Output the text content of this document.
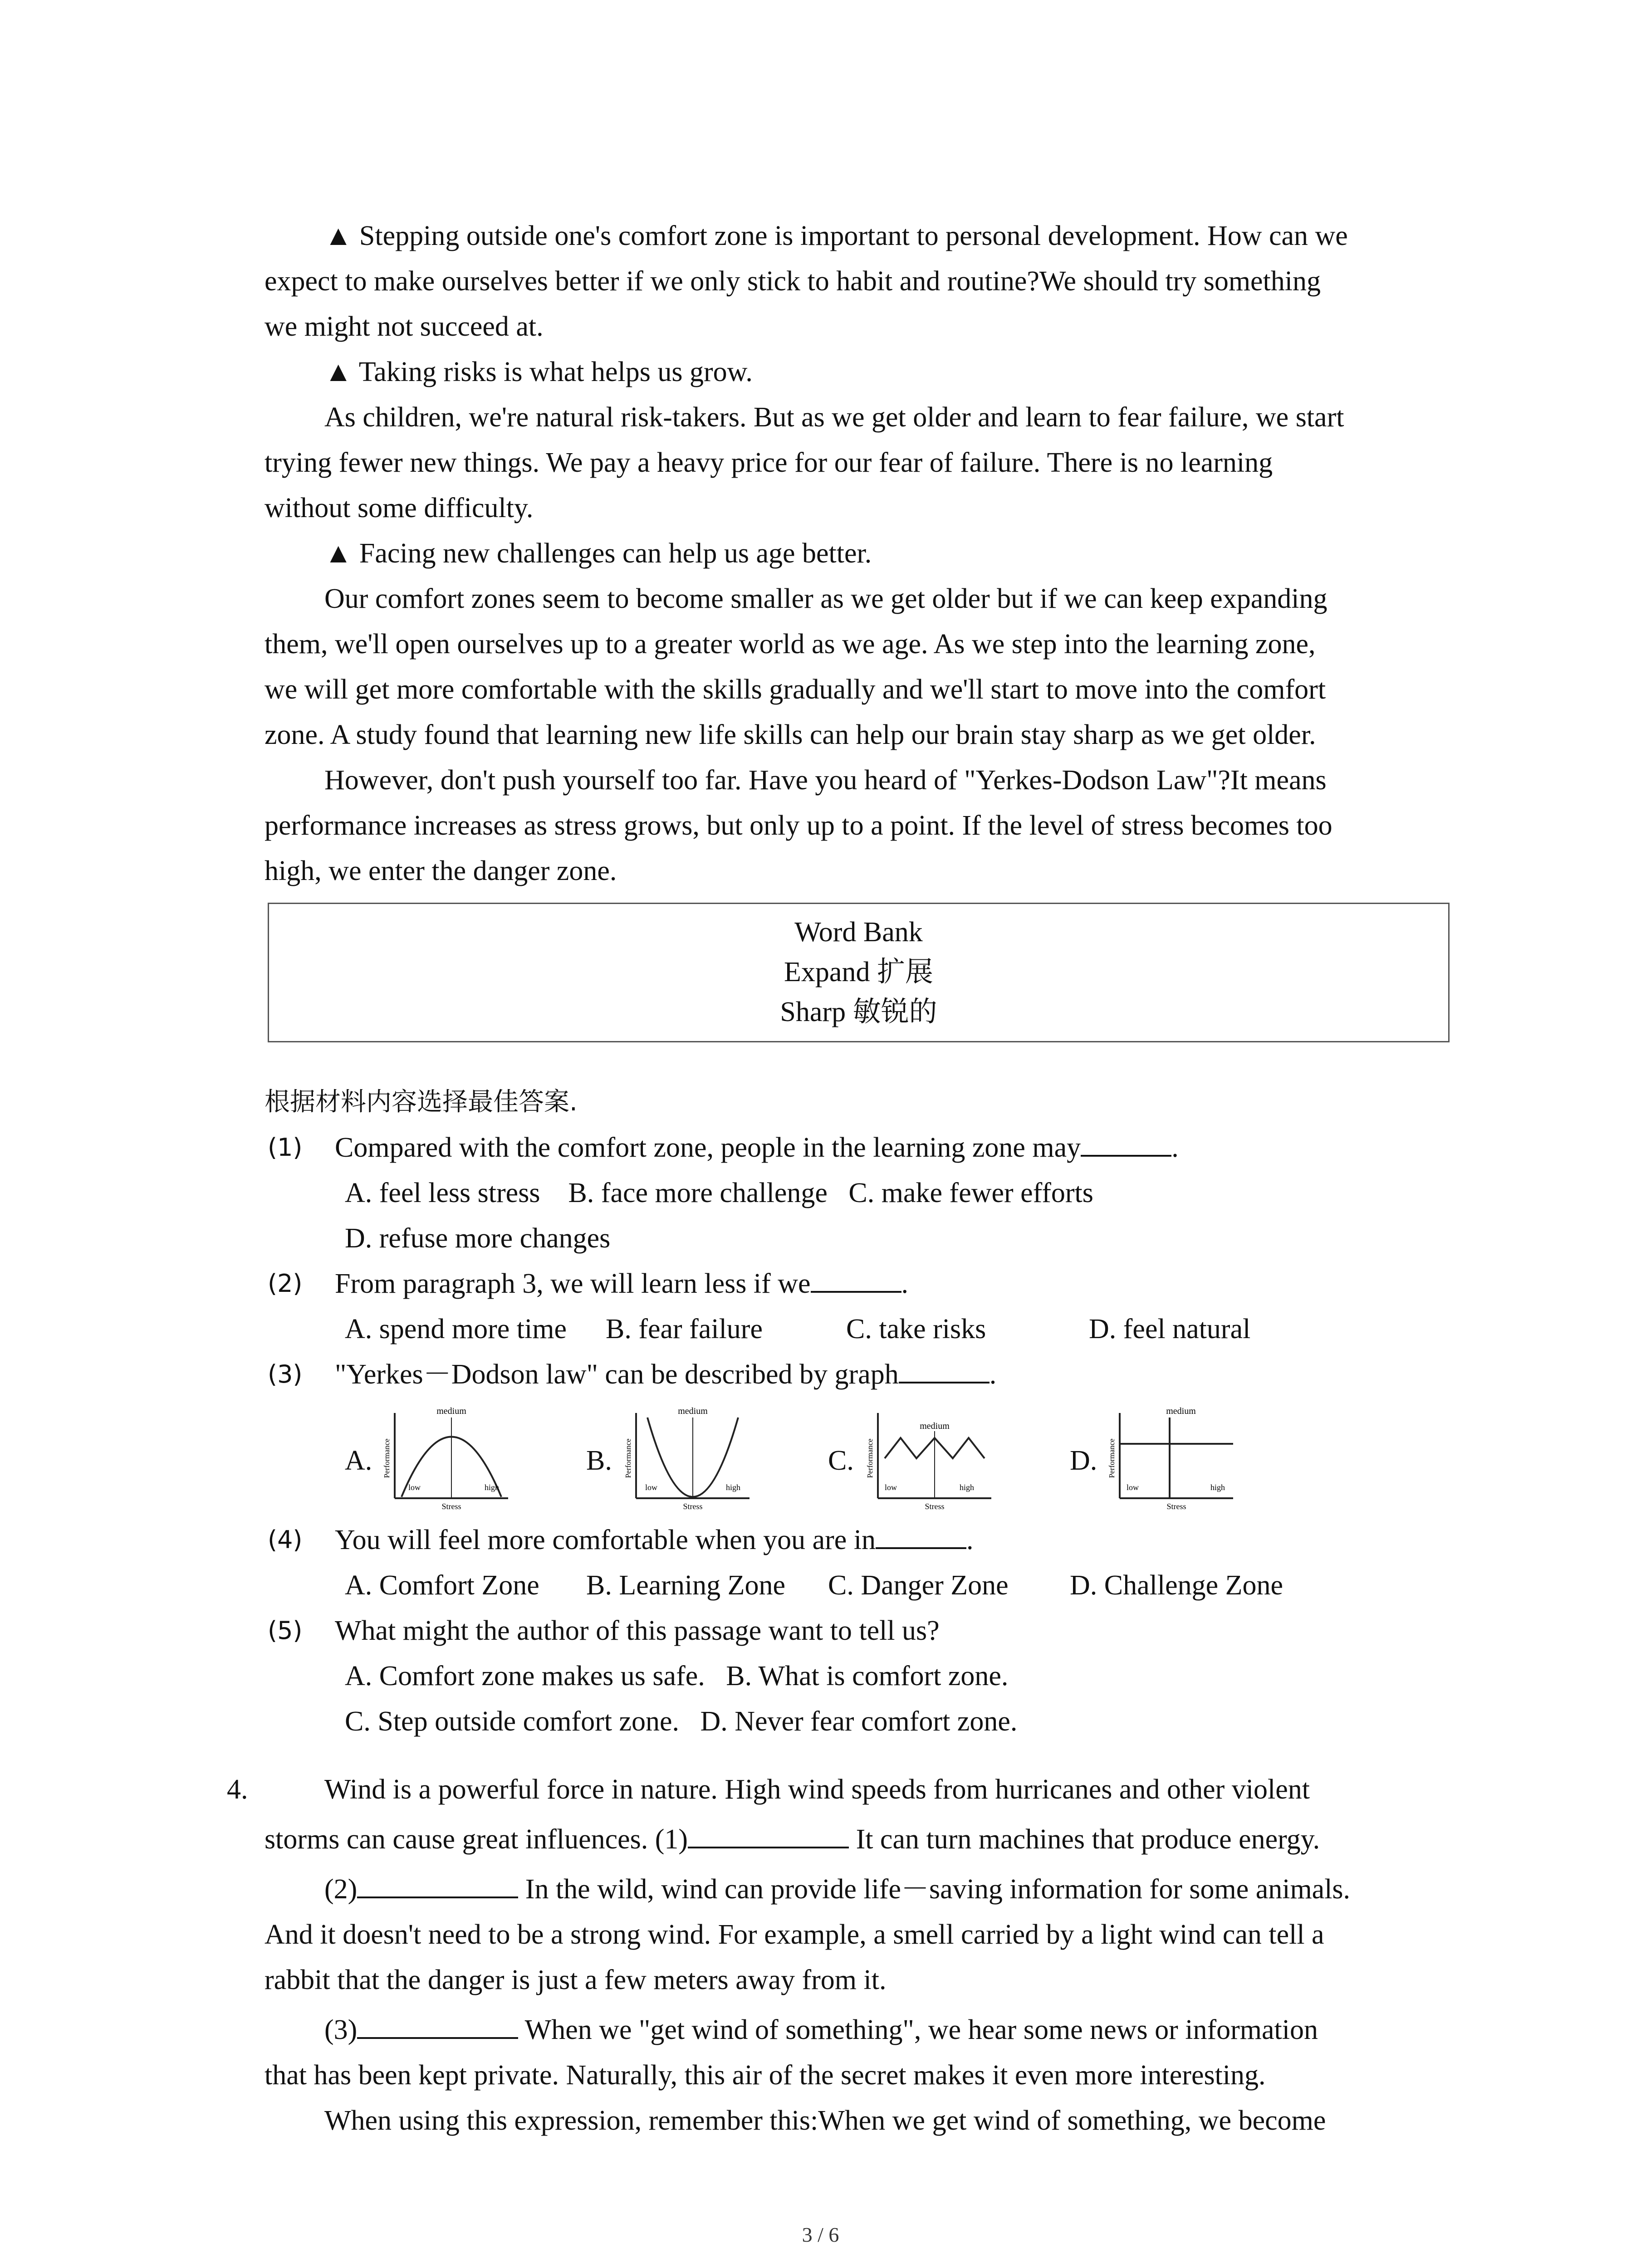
▲ Stepping outside one's comfort zone is important to personal development. How can we
expect to make ourselves better if we only stick to habit and routine?We should try something
we might not succeed at.
▲ Taking risks is what helps us grow.
As children, we're natural risk-takers. But as we get older and learn to fear failure, we start
trying fewer new things. We pay a heavy price for our fear of failure. There is no learning
without some difficulty.
▲ Facing new challenges can help us age better.
Our comfort zones seem to become smaller as we get older but if we can keep expanding
them, we'll open ourselves up to a greater world as we age. As we step into the learning zone,
we will get more comfortable with the skills gradually and we'll start to move into the comfort
zone. A study found that learning new life skills can help our brain stay sharp as we get older.
However, don't push yourself too far. Have you heard of "Yerkes-Dodson Law"?It means
performance increases as stress grows, but only up to a point. If the level of stress becomes too
high, we enter the danger zone.
Word Bank
Expand 扩展
Sharp 敏锐的
根据材料内容选择最佳答案.
(1) Compared with the comfort zone, people in the learning zone may	.
A. feel less stress    B. face more challenge   C. make fewer efforts
D. refuse more changes
(2) From paragraph 3, we will learn less if we	.
A. spend more time B. fear failure	C. take risks	D. feel natural
(3) "Yerkes－Dodson law" can be described by graph	.
A.	B.	C.	D.
medium
low	high
Stress
Performance
medium
low	high
Stress
Performance
medium
low	high
Stress
Performance
medium
low	high
Stress
Performance
(4) You will feel more comfortable when you are in	.
A. Comfort Zone B. Learning Zone C. Danger Zone D. Challenge Zone
(5) What might the author of this passage want to tell us?
A. Comfort zone makes us safe.   B. What is comfort zone.
C. Step outside comfort zone.   D. Never fear comfort zone.
4.	Wind is a powerful force in nature. High wind speeds from hurricanes and other violent
storms can cause great influences. (1)	It can turn machines that produce energy.
(2)	In the wild, wind can provide life－saving information for some animals.
And it doesn't need to be a strong wind. For example, a smell carried by a light wind can tell a
rabbit that the danger is just a few meters away from it.
(3)	When we "get wind of something", we hear some news or information
that has been kept private. Naturally, this air of the secret makes it even more interesting.
When using this expression, remember this:When we get wind of something, we become
3 / 6
